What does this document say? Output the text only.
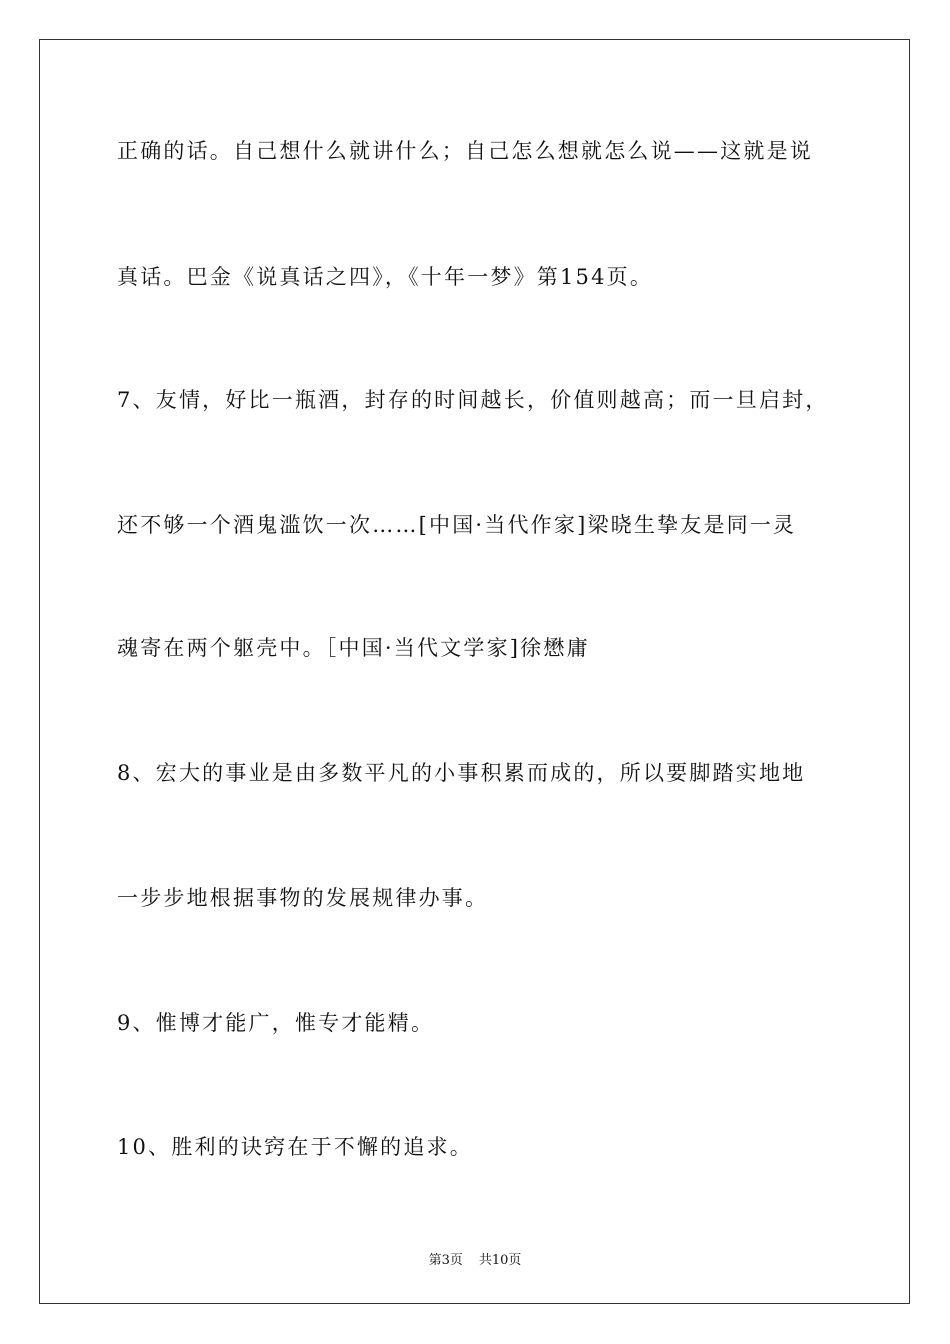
正确的话。自己想什么就讲什么；自己怎么想就怎么说——这就是说
真话。巴金《说真话之四》，《十年一梦》第154页。
7、友情，好比一瓶酒，封存的时间越长，价值则越高；而一旦启封，
还不够一个酒鬼滥饮一次……[中国·当代作家]梁晓生挚友是同一灵
魂寄在两个躯壳中。［中国·当代文学家]徐懋庸
8、宏大的事业是由多数平凡的小事积累而成的，所以要脚踏实地地
一步步地根据事物的发展规律办事。
9、惟博才能广，惟专才能精。
10、胜利的诀窍在于不懈的追求。
第3页 共10页
